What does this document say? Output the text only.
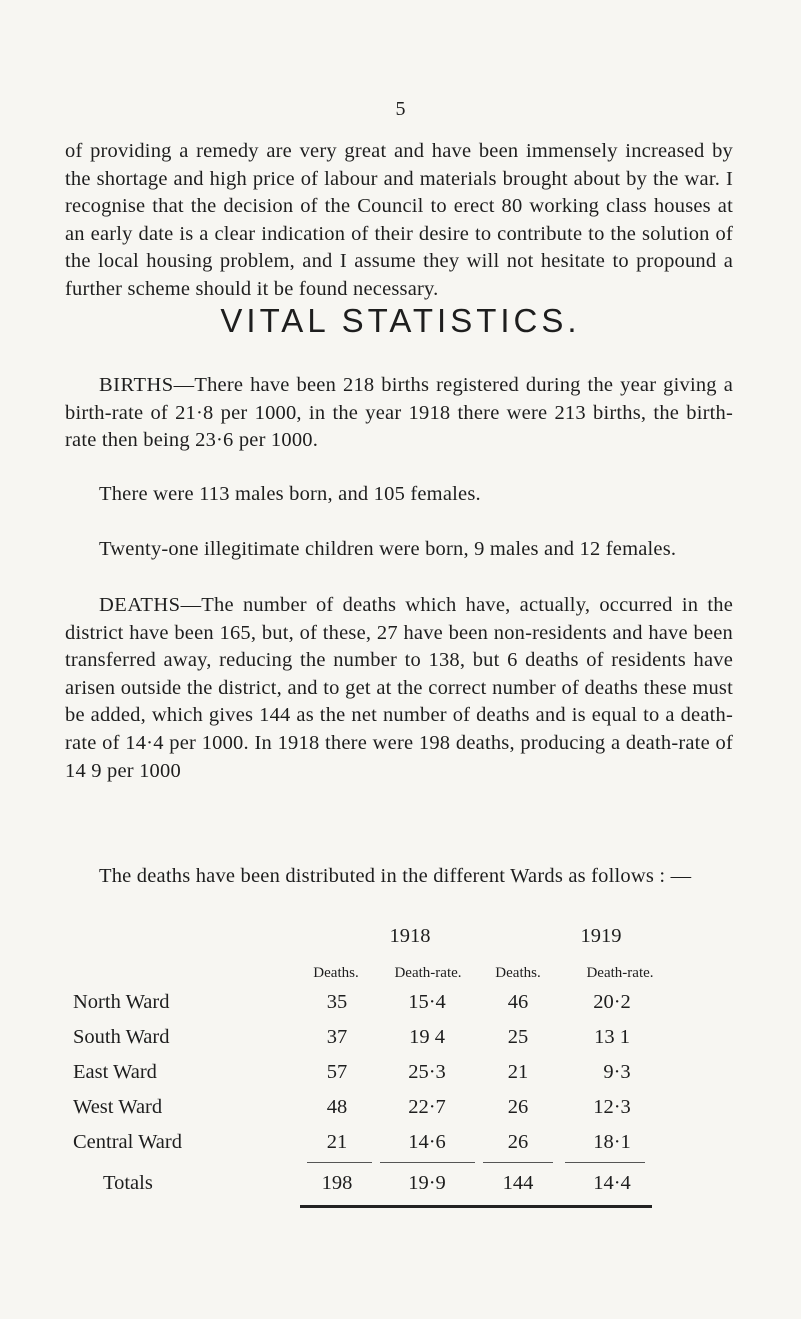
5

of providing a remedy are very great and have been immensely increased by the shortage and high price of labour and materials brought about by the war. I recognise that the decision of the Council to erect 80 working class houses at an early date is a clear indication of their desire to contribute to the solution of the local housing problem, and I assume they will not hesitate to propound a further scheme should it be found necessary.

VITAL STATISTICS.

BIRTHS—There have been 218 births registered during the year giving a birth-rate of 21·8 per 1000, in the year 1918 there were 213 births, the birth-rate then being 23·6 per 1000.

There were 113 males born, and 105 females.

Twenty-one illegitimate children were born, 9 males and 12 females.

DEATHS—The number of deaths which have, actually, occurred in the district have been 165, but, of these, 27 have been non-residents and have been transferred away, reducing the number to 138, but 6 deaths of residents have arisen outside the district, and to get at the correct number of deaths these must be added, which gives 144 as the net number of deaths and is equal to a death-rate of 14·4 per 1000. In 1918 there were 198 deaths, producing a death-rate of 14 9 per 1000

The deaths have been distributed in the different Wards as follows : —

1918	1919
Deaths. Death-rate. Deaths.	Death-rate.
North Ward	35	15·4	46	20·2
South Ward	37	19 4	25	13 1
East Ward	57	25·3	21	9·3
West Ward	48	22·7	26	12·3
Central Ward	21	14·6	26	18·1
Totals	198	19·9	144	14·4
